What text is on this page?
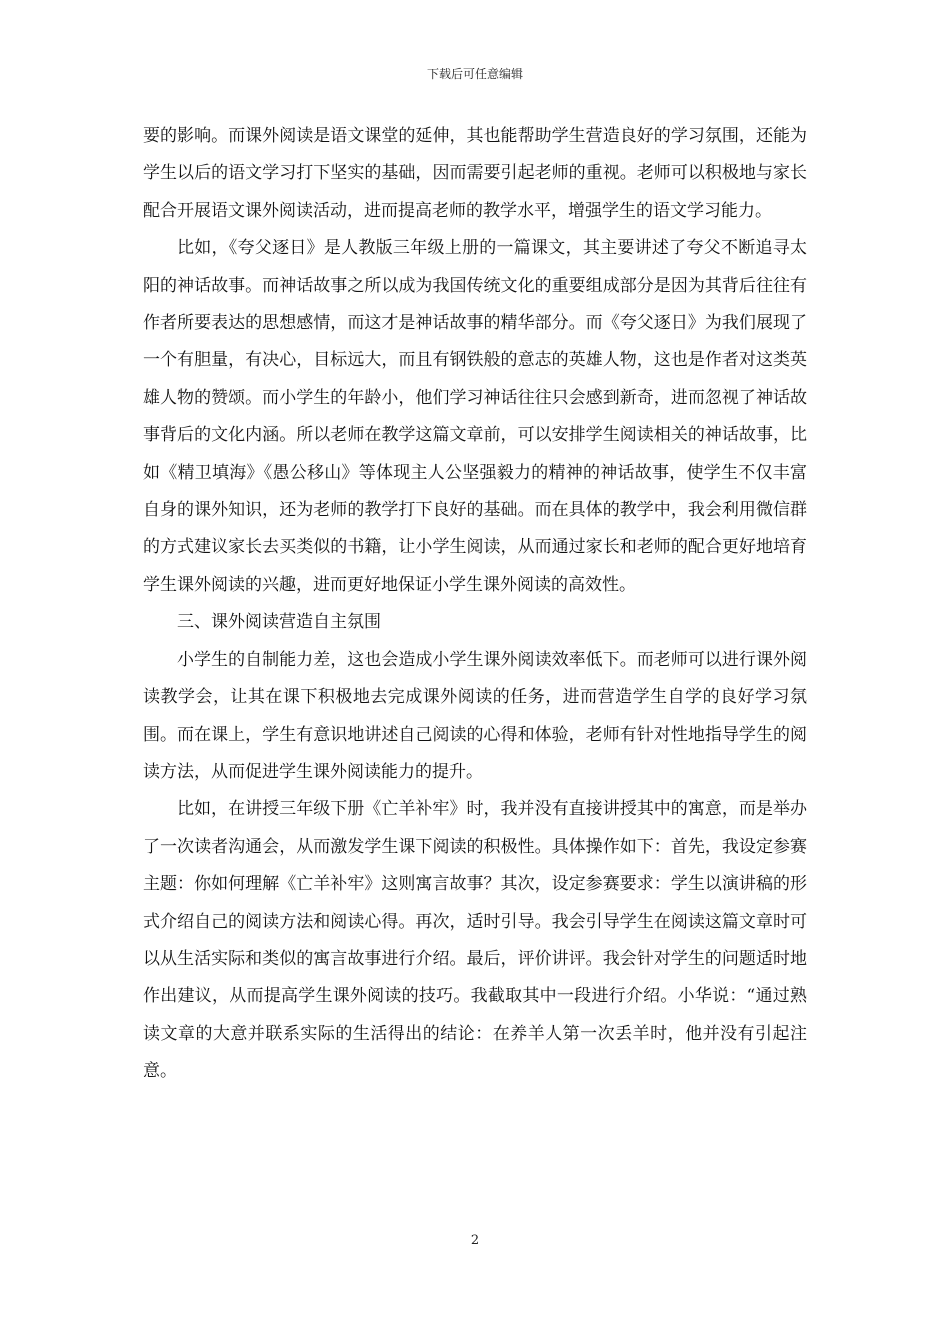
下载后可任意编辑

要的影响。而课外阅读是语文课堂的延伸，其也能帮助学生营造良好的学习氛围，还能为学生以后的语文学习打下坚实的基础，因而需要引起老师的重视。老师可以积极地与家长配合开展语文课外阅读活动，进而提高老师的教学水平，增强学生的语文学习能力。

比如，《夸父逐日》是人教版三年级上册的一篇课文，其主要讲述了夸父不断追寻太阳的神话故事。而神话故事之所以成为我国传统文化的重要组成部分是因为其背后往往有作者所要表达的思想感情，而这才是神话故事的精华部分。而《夸父逐日》为我们展现了一个有胆量，有决心，目标远大，而且有钢铁般的意志的英雄人物，这也是作者对这类英雄人物的赞颂。而小学生的年龄小，他们学习神话往往只会感到新奇，进而忽视了神话故事背后的文化内涵。所以老师在教学这篇文章前，可以安排学生阅读相关的神话故事，比如《精卫填海》《愚公移山》等体现主人公坚强毅力的精神的神话故事，使学生不仅丰富自身的课外知识，还为老师的教学打下良好的基础。而在具体的教学中，我会利用微信群的方式建议家长去买类似的书籍，让小学生阅读，从而通过家长和老师的配合更好地培育学生课外阅读的兴趣，进而更好地保证小学生课外阅读的高效性。

三、课外阅读营造自主氛围

小学生的自制能力差，这也会造成小学生课外阅读效率低下。而老师可以进行课外阅读教学会，让其在课下积极地去完成课外阅读的任务，进而营造学生自学的良好学习氛围。而在课上，学生有意识地讲述自己阅读的心得和体验，老师有针对性地指导学生的阅读方法，从而促进学生课外阅读能力的提升。

比如，在讲授三年级下册《亡羊补牢》时，我并没有直接讲授其中的寓意，而是举办了一次读者沟通会，从而激发学生课下阅读的积极性。具体操作如下：首先，我设定参赛主题：你如何理解《亡羊补牢》这则寓言故事？其次，设定参赛要求：学生以演讲稿的形式介绍自己的阅读方法和阅读心得。再次，适时引导。我会引导学生在阅读这篇文章时可以从生活实际和类似的寓言故事进行介绍。最后，评价讲评。我会针对学生的问题适时地作出建议，从而提高学生课外阅读的技巧。我截取其中一段进行介绍。小华说：“通过熟读文章的大意并联系实际的生活得出的结论：在养羊人第一次丢羊时，他并没有引起注意。

2
